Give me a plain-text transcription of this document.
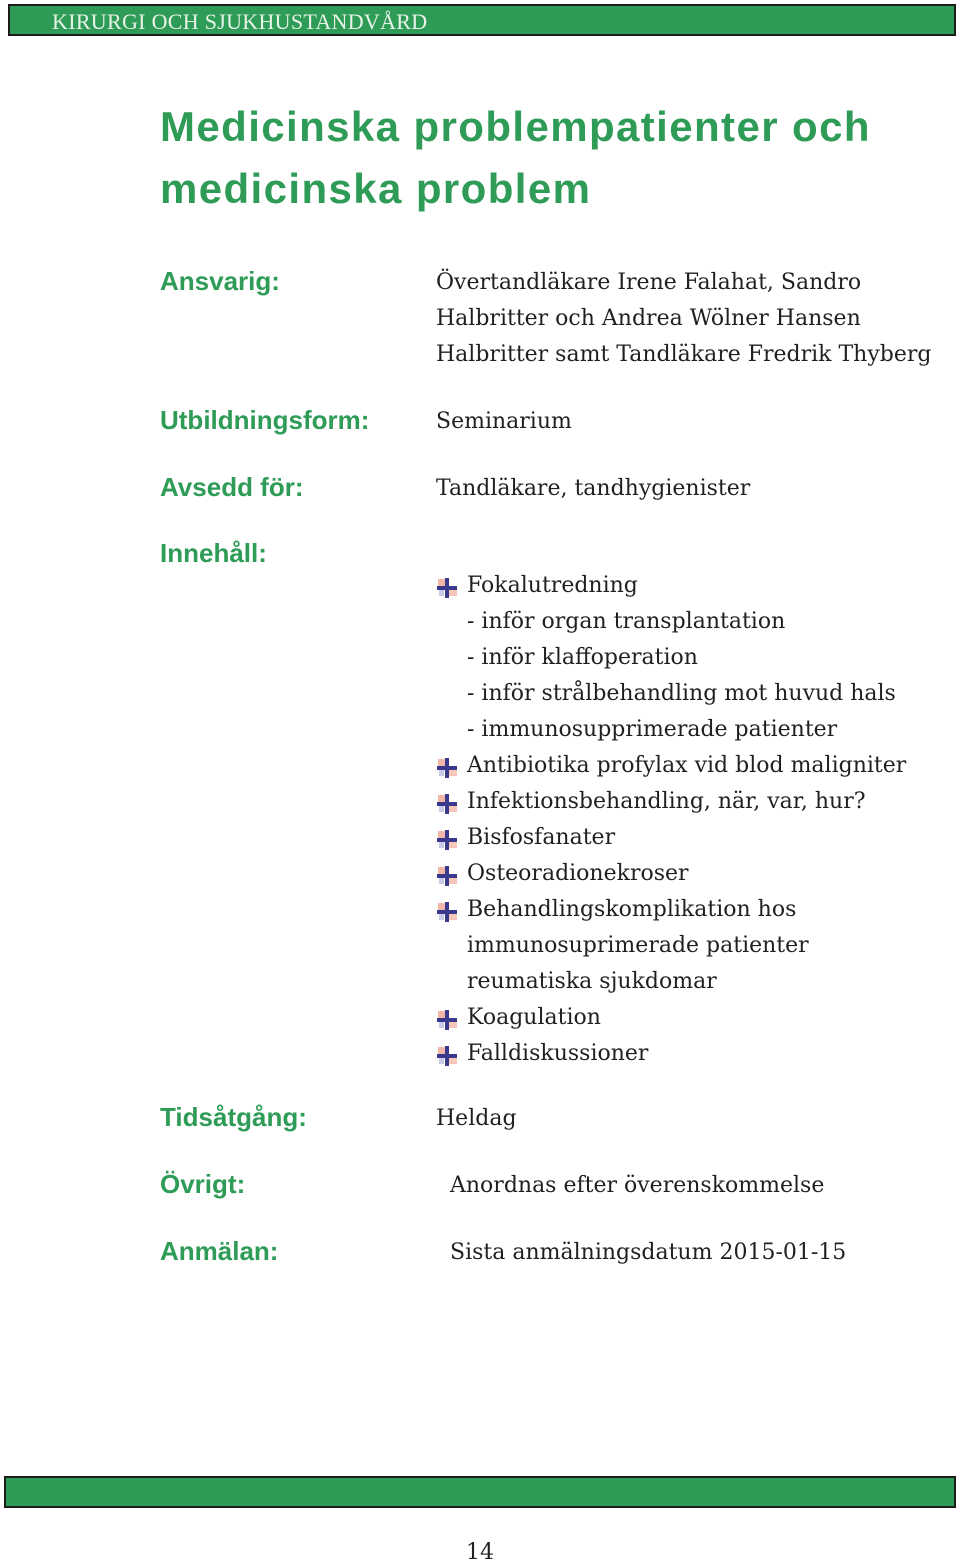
KIRURGI OCH SJUKHUSTANDVÅRD
Medicinska problempatienter och
medicinska problem
Ansvarig:	Övertandläkare Irene Falahat, Sandro
Halbritter och Andrea Wölner Hansen
Halbritter samt Tandläkare Fredrik Thyberg
Utbildningsform:	Seminarium
Avsedd för:	Tandläkare, tandhygienister
Innehåll:
Fokalutredning
- inför organ transplantation
- inför klaffoperation
- inför strålbehandling mot huvud hals
- immunosupprimerade patienter
Antibiotika profylax vid blod maligniter
Infektionsbehandling, när, var, hur?
Bisfosfanater
Osteoradionekroser
Behandlingskomplikation hos immunosuprimerade patienter reumatiska sjukdomar
Koagulation
Falldiskussioner
Tidsåtgång:	Heldag
Övrigt:	Anordnas efter överenskommelse
Anmälan:	Sista anmälningsdatum 2015-01-15
14
